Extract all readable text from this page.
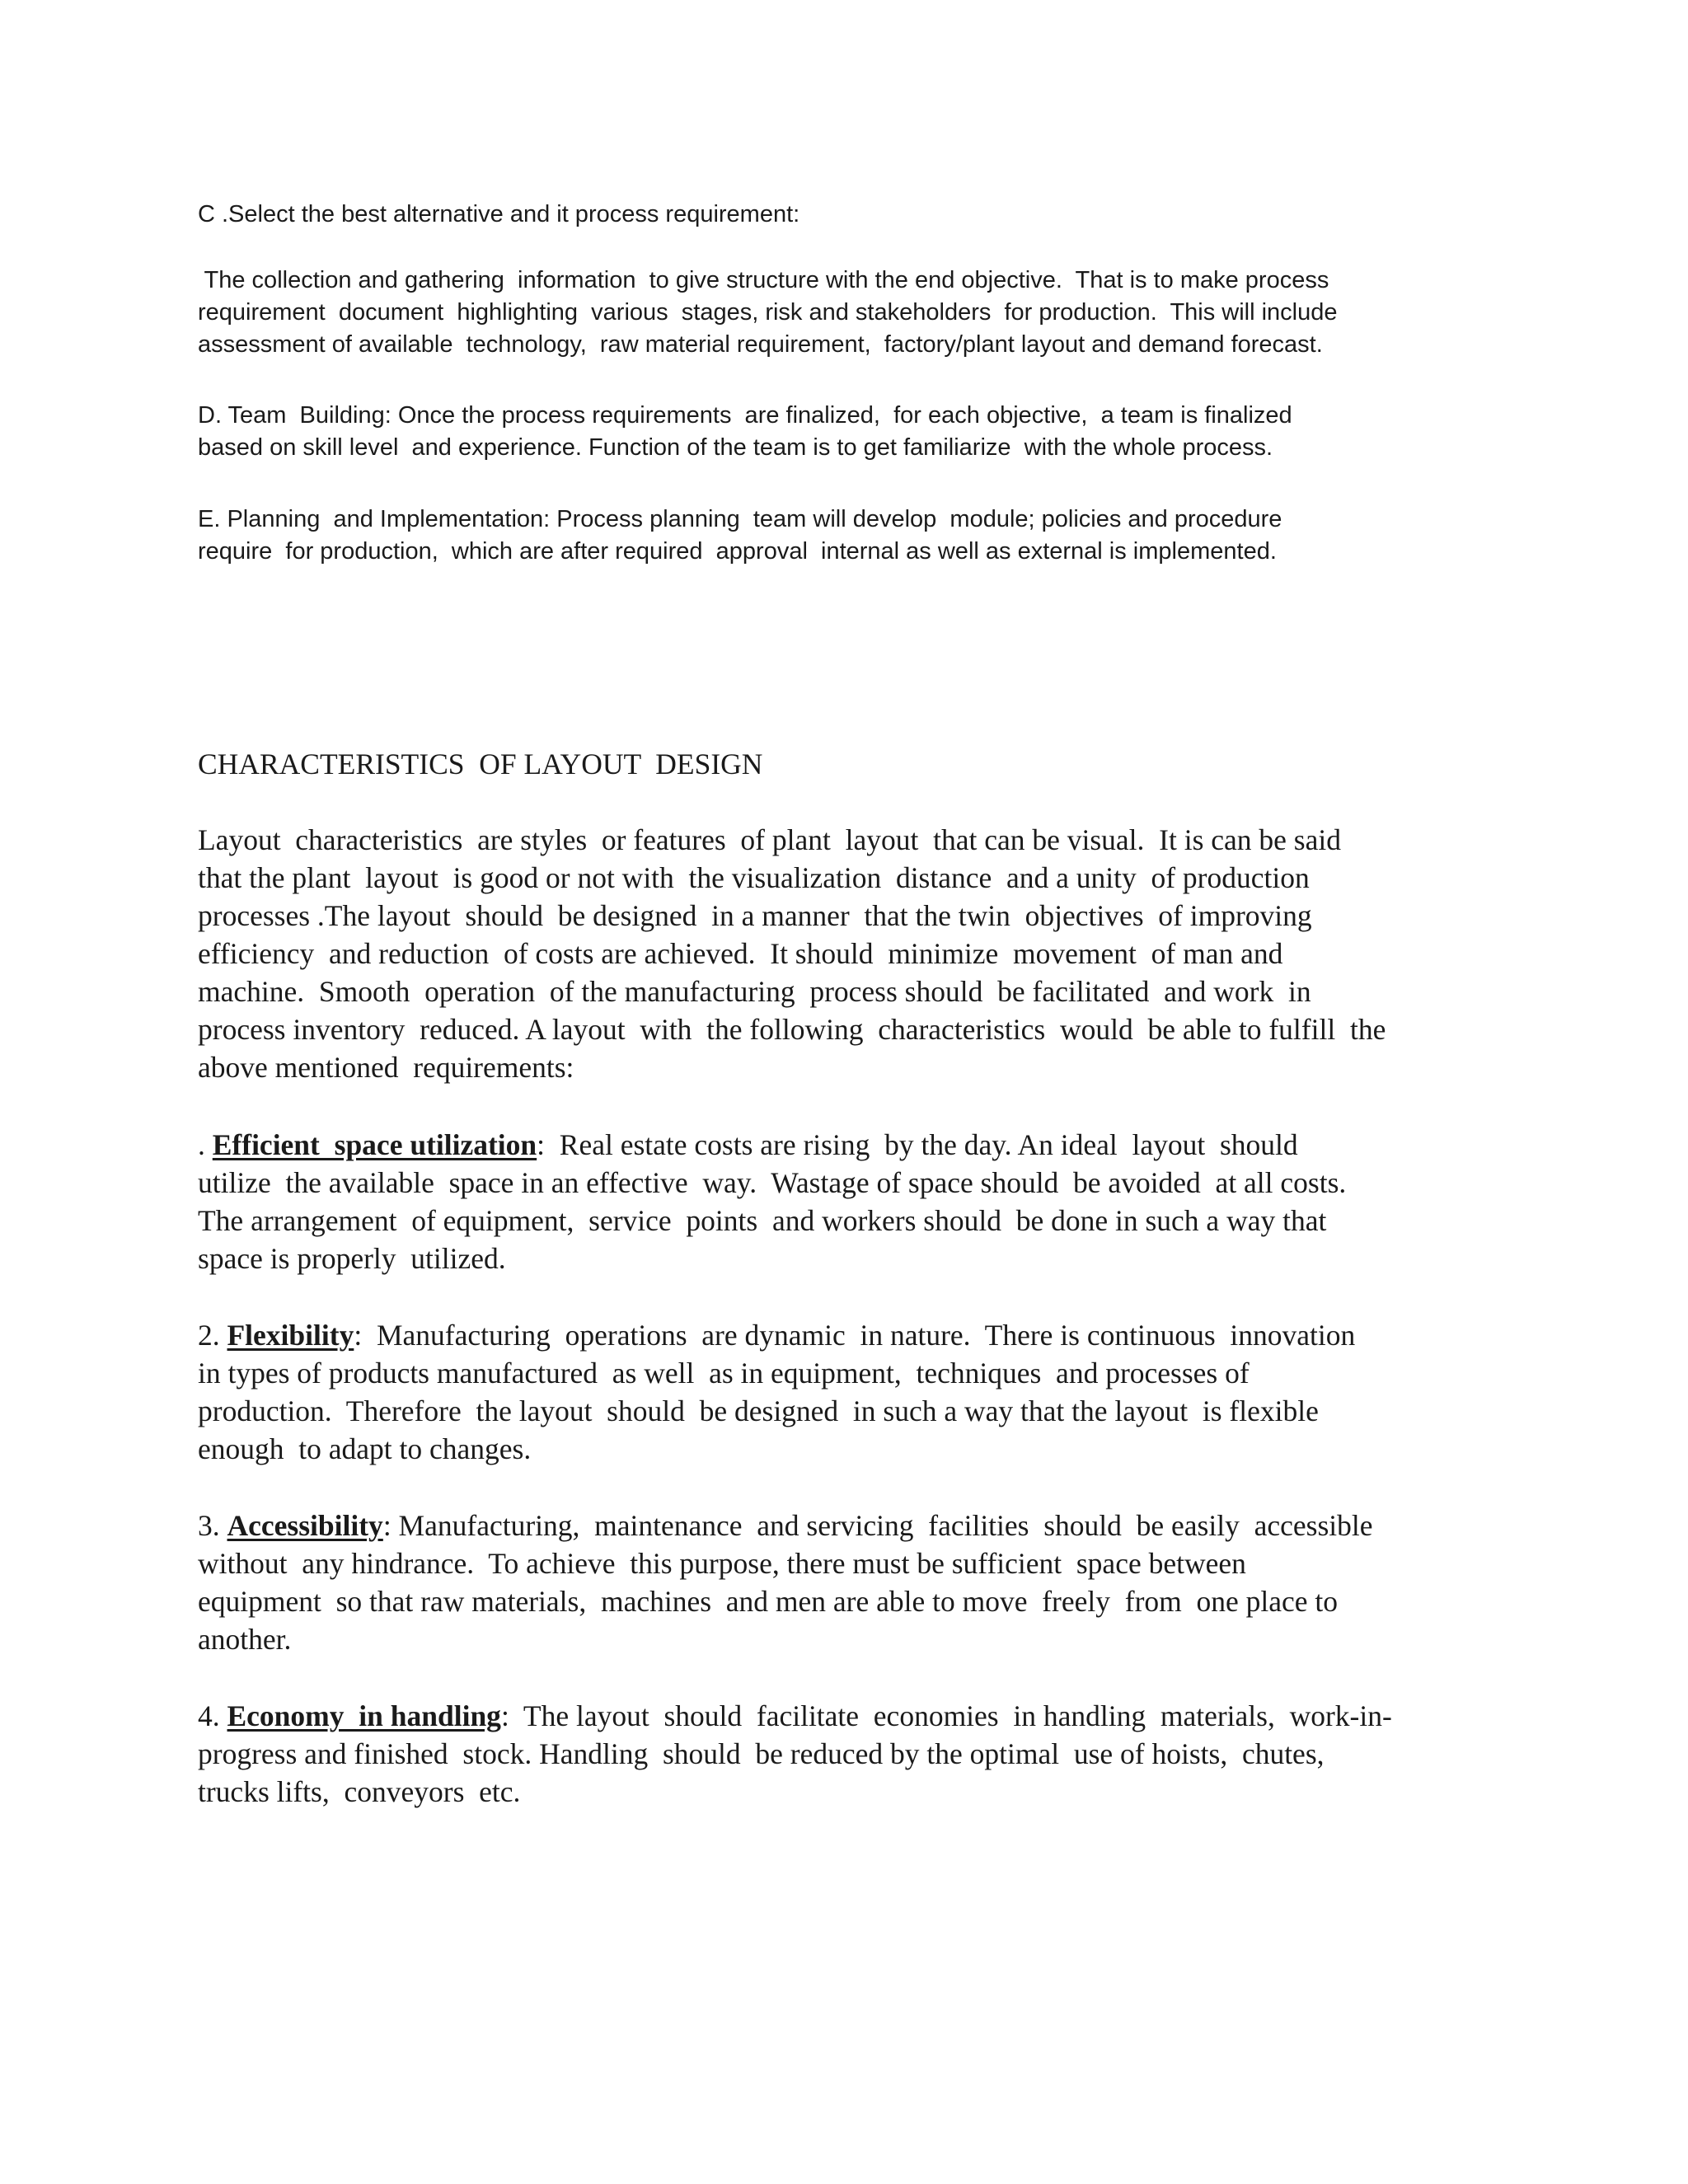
C .Select the best alternative and it process requirement:
The collection and gathering  information  to give structure with the end objective.  That is to make process
requirement  document  highlighting  various  stages, risk and stakeholders  for production.  This will include
assessment of available  technology,  raw material requirement,  factory/plant layout and demand forecast.
D. Team  Building: Once the process requirements  are finalized,  for each objective,  a team is finalized
based on skill level  and experience. Function of the team is to get familiarize  with the whole process.
E. Planning  and Implementation: Process planning  team will develop  module; policies and procedure
require  for production,  which are after required  approval  internal as well as external is implemented.
CHARACTERISTICS  OF LAYOUT  DESIGN
Layout  characteristics  are styles  or features  of plant  layout  that can be visual.  It is can be said
that the plant  layout  is good or not with  the visualization  distance  and a unity  of production
processes .The layout  should  be designed  in a manner  that the twin  objectives  of improving
efficiency  and reduction  of costs are achieved.  It should  minimize  movement  of man and
machine.  Smooth  operation  of the manufacturing  process should  be facilitated  and work  in
process inventory  reduced. A layout  with  the following  characteristics  would  be able to fulfill  the
above mentioned  requirements:
. Efficient  space utilization:  Real estate costs are rising  by the day. An ideal  layout  should
utilize  the available  space in an effective  way.  Wastage of space should  be avoided  at all costs.
The arrangement  of equipment,  service  points  and workers should  be done in such a way that
space is properly  utilized.
2. Flexibility:  Manufacturing  operations  are dynamic  in nature.  There is continuous  innovation
in types of products manufactured  as well  as in equipment,  techniques  and processes of
production.  Therefore  the layout  should  be designed  in such a way that the layout  is flexible
enough  to adapt to changes.
3. Accessibility: Manufacturing,  maintenance  and servicing  facilities  should  be easily  accessible
without  any hindrance.  To achieve  this purpose, there must be sufficient  space between
equipment  so that raw materials,  machines  and men are able to move  freely  from  one place to
another.
4. Economy  in handling:  The layout  should  facilitate  economies  in handling  materials,  work-in-
progress and finished  stock. Handling  should  be reduced by the optimal  use of hoists,  chutes,
trucks lifts,  conveyors  etc.
